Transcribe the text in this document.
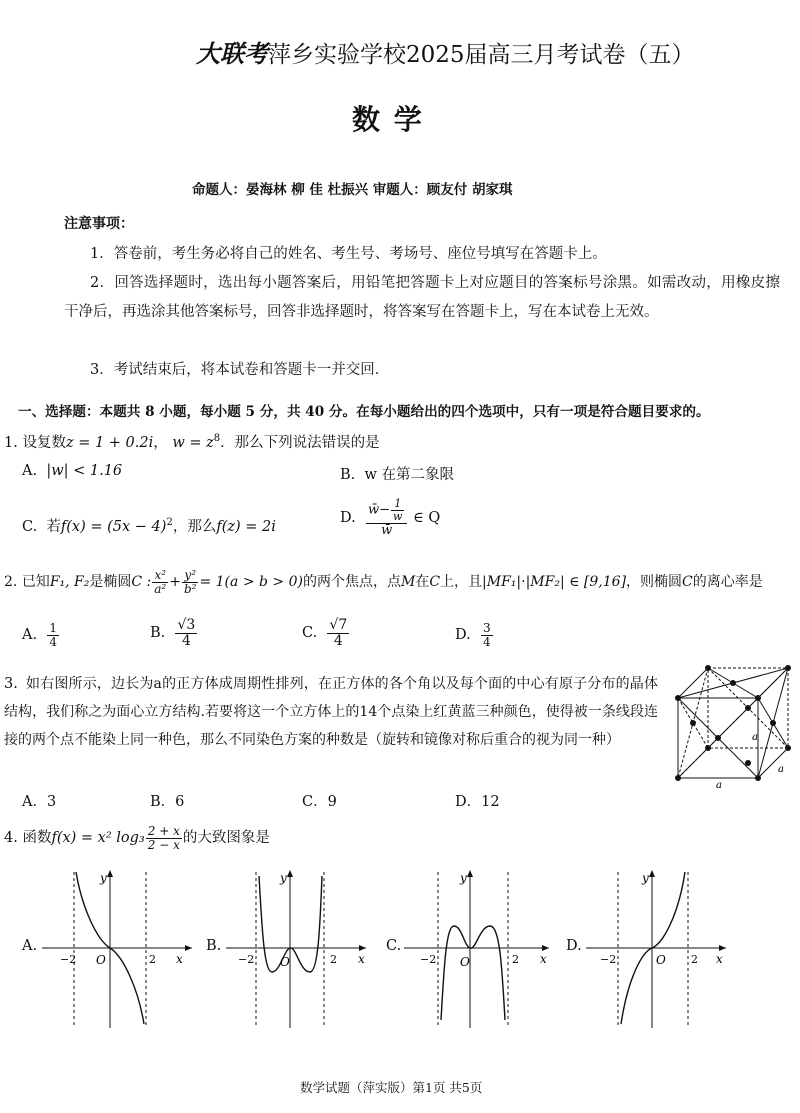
大联考萍乡实验学校2025届高三月考试卷（五）
数 学
命题人：晏海林 柳 佳 杜振兴 审题人：顾友付 胡家琪
注意事项：
1．答卷前，考生务必将自己的姓名、考生号、考场号、座位号填写在答题卡上。
2．回答选择题时，选出每小题答案后，用铅笔把答题卡上对应题目的答案标号涂黑。如需改动，用橡皮擦干净后，再选涂其他答案标号，回答非选择题时，将答案写在答题卡上，写在本试卷上无效。
3．考试结束后，将本试卷和答题卡一并交回．
一、选择题：本题共 8 小题，每小题 5 分，共 40 分。在每小题给出的四个选项中，只有一项是符合题目要求的。
1. 设复数z = 1 + 0.2i， $w = z^8$．那么下列说法错误的是
A. |w| < 1.16	B. w 在第二象限
C. 若$f(x) = (5x - 4)^2$，那么f(z) = 2i
D. $\frac{w̄- \frac{1}{w}}{w̄}$ ∈ Q
2. 已知F₁, F₂是椭圆C : $\frac{\text{x²}}{\text{a²}} + \frac{\text{y²}}{\text{b²}} = 1(a > b > 0)$的两个焦点，点M在C上，且|MF₁|·|MF₂| ∈ [9,16]，则椭圆C的离心率是
A. $\frac{1}{4}$	B. $\frac{√3}{4}$	C. $\frac{√7}{4}$	D. $\frac{3}{4}$
3. 如右图所示，边长为a的正方体成周期性排列，在正方体的各个角以及每个面的中心有原子分布的晶体结构，我们称之为面心立方结构.若要将这一个立方体上的14个点染上红黄蓝三种颜色，使得被一条线段连接的两个点不能染上同一种色，那么不同染色方案的种数是（旋转和镜像对称后重合的视为同一种）
A．3	B．6	C．9	D．12
a
a
a
4. 函数f(x) = x² $\log_3 \frac{2 + x}{2 - x}$ 的大致图象是
A.
x
y
O
−2	2
B.
x
y
O
−2	2
C.
x
y
O
−2	2
D.
x
y
O
−2	2
数学试题（萍实版）第1页 共5页
